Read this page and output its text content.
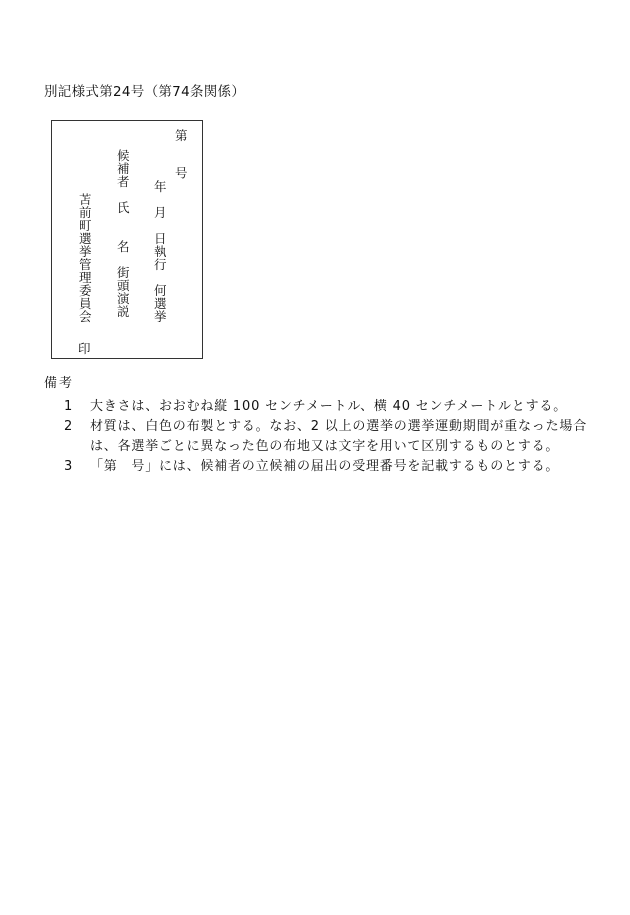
別記様式第24号（第74条関係）
第　　号
年　月　日執行　何選挙
候補者　氏　　名　街頭演説
苫前町選挙管理委員会
印
備考
1	大きさは、おおむね縦 100 センチメートル、横 40 センチメートルとする。
2	材質は、白色の布製とする。なお、2 以上の選挙の選挙運動期間が重なった場合は、各選挙ごとに異なった色の布地又は文字を用いて区別するものとする。
3	「第　号」には、候補者の立候補の届出の受理番号を記載するものとする。
